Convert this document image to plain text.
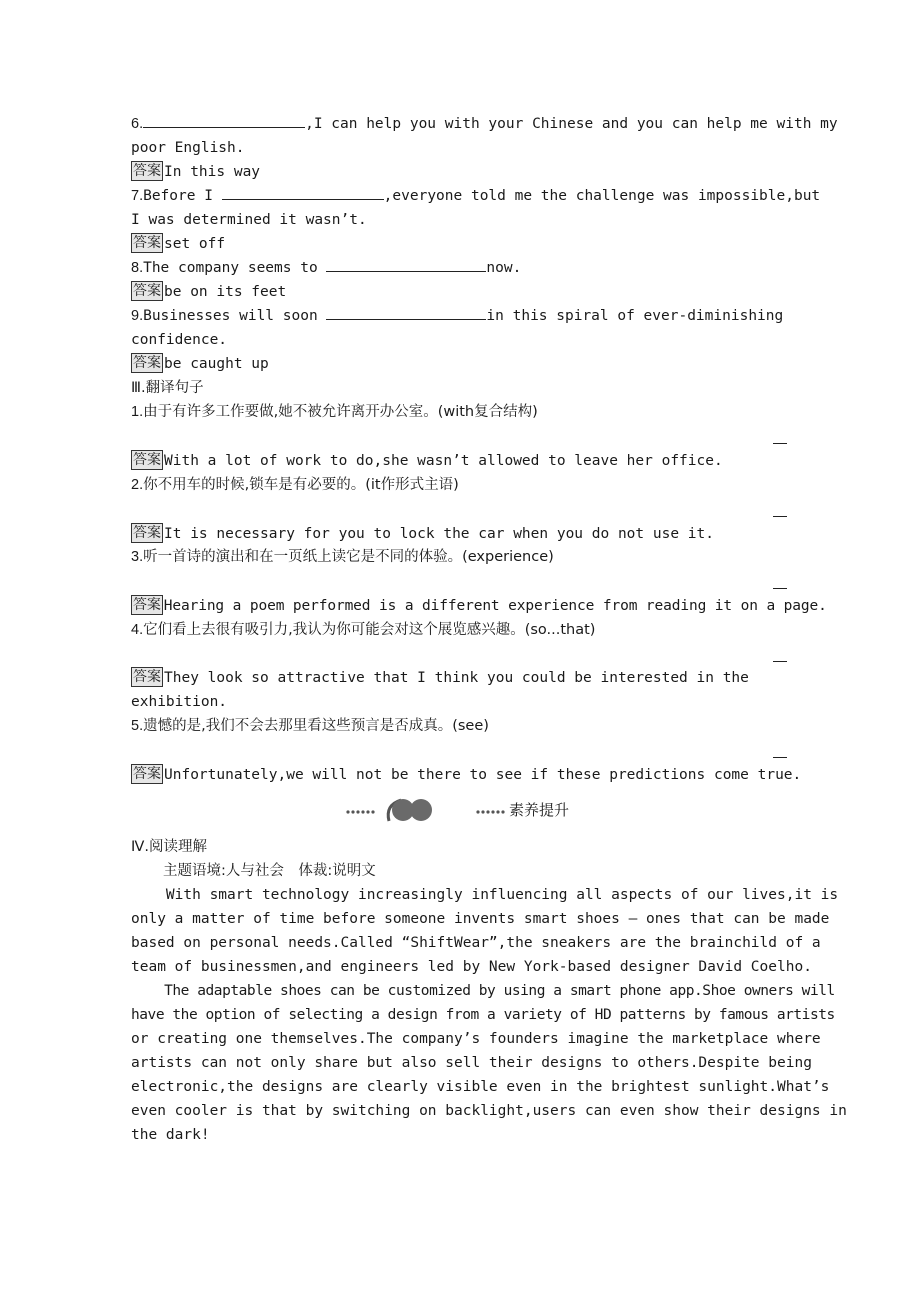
6.	,I can help you with your Chinese and you can help me with my
poor English.
答案 In this way
7.Before I	,everyone told me the challenge was impossible,but
I was determined it wasn’t.
答案 set off
8.The company seems to	now.
答案 be on its feet
9.Businesses will soon	in this spiral of ever-diminishing
confidence.
答案 be caught up
Ⅲ.翻译句子
1.由于有许多工作要做,她不被允许离开办公室。(with复合结构)
答案 With a lot of work to do,she wasn’t allowed to leave her office.
2.你不用车的时候,锁车是有必要的。(it作形式主语)
答案 It is necessary for you to lock the car when you do not use it.
3.听一首诗的演出和在一页纸上读它是不同的体验。(experience)
答案 Hearing a poem performed is a different experience from reading it on a page.
4.它们看上去很有吸引力,我认为你可能会对这个展览感兴趣。(so...that)
答案 They look so attractive that I think you could be interested in the
exhibition.
5.遗憾的是,我们不会去那里看这些预言是否成真。(see)
答案 Unfortunately,we will not be there to see if these predictions come true.
素养提升
Ⅳ.阅读理解
主题语境:人与社会　体裁:说明文
With smart technology increasingly influencing all aspects of our lives,it is
only a matter of time before someone invents smart shoes — ones that can be made
based on personal needs.Called “ShiftWear”,the sneakers are the brainchild of a
team of businessmen,and engineers led by New York-based designer David Coelho.
The adaptable shoes can be customized by using a smart phone app.Shoe owners will
have the option of selecting a design from a variety of HD patterns by famous artists
or creating one themselves.The company’s founders imagine the marketplace where
artists can not only share but also sell their designs to others.Despite being
electronic,the designs are clearly visible even in the brightest sunlight.What’s
even cooler is that by switching on backlight,users can even show their designs in
the dark!
